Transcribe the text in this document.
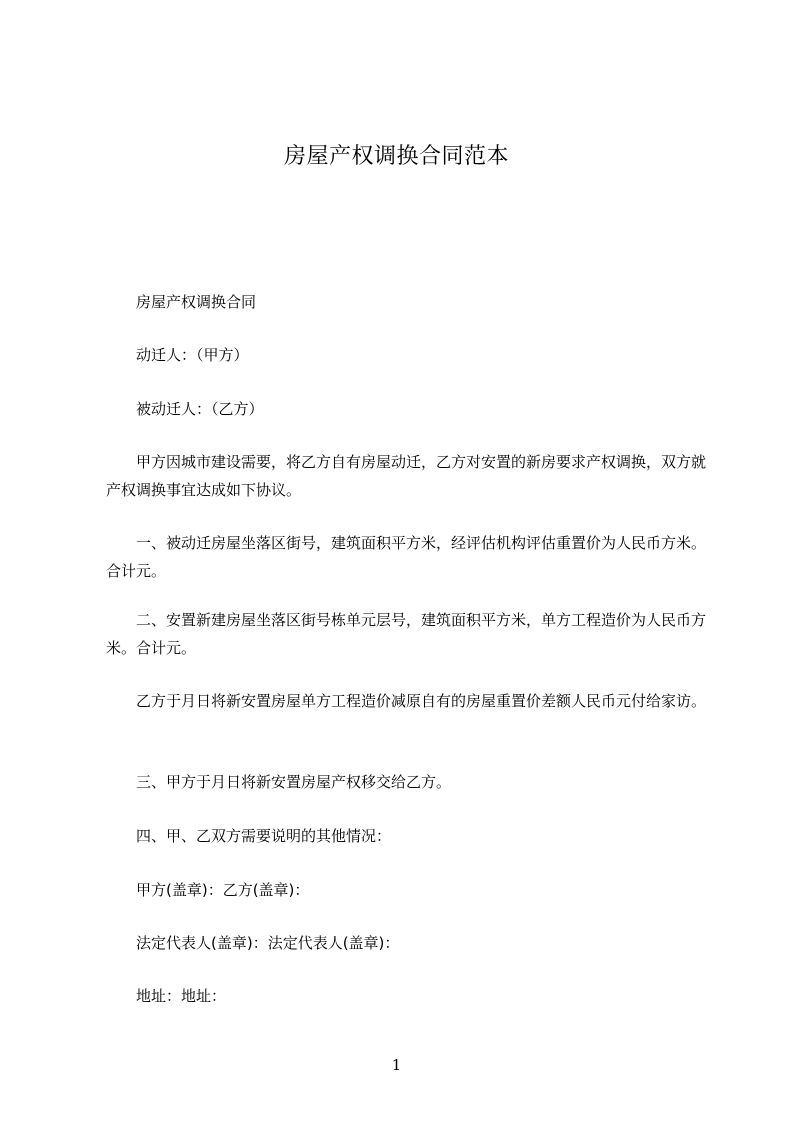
房屋产权调换合同范本
房屋产权调换合同
动迁人：（甲方）
被动迁人：（乙方）
甲方因城市建设需要，将乙方自有房屋动迁，乙方对安置的新房要求产权调换，双方就产权调换事宜达成如下协议。
一、被动迁房屋坐落区街号，建筑面积平方米，经评估机构评估重置价为人民币方米。合计元。
二、安置新建房屋坐落区街号栋单元层号，建筑面积平方米，单方工程造价为人民币方米。合计元。
乙方于月日将新安置房屋单方工程造价减原自有的房屋重置价差额人民币元付给家访。
三、甲方于月日将新安置房屋产权移交给乙方。
四、甲、乙双方需要说明的其他情况：
甲方(盖章)：乙方(盖章)：
法定代表人(盖章)：法定代表人(盖章)：
地址：地址：
1
